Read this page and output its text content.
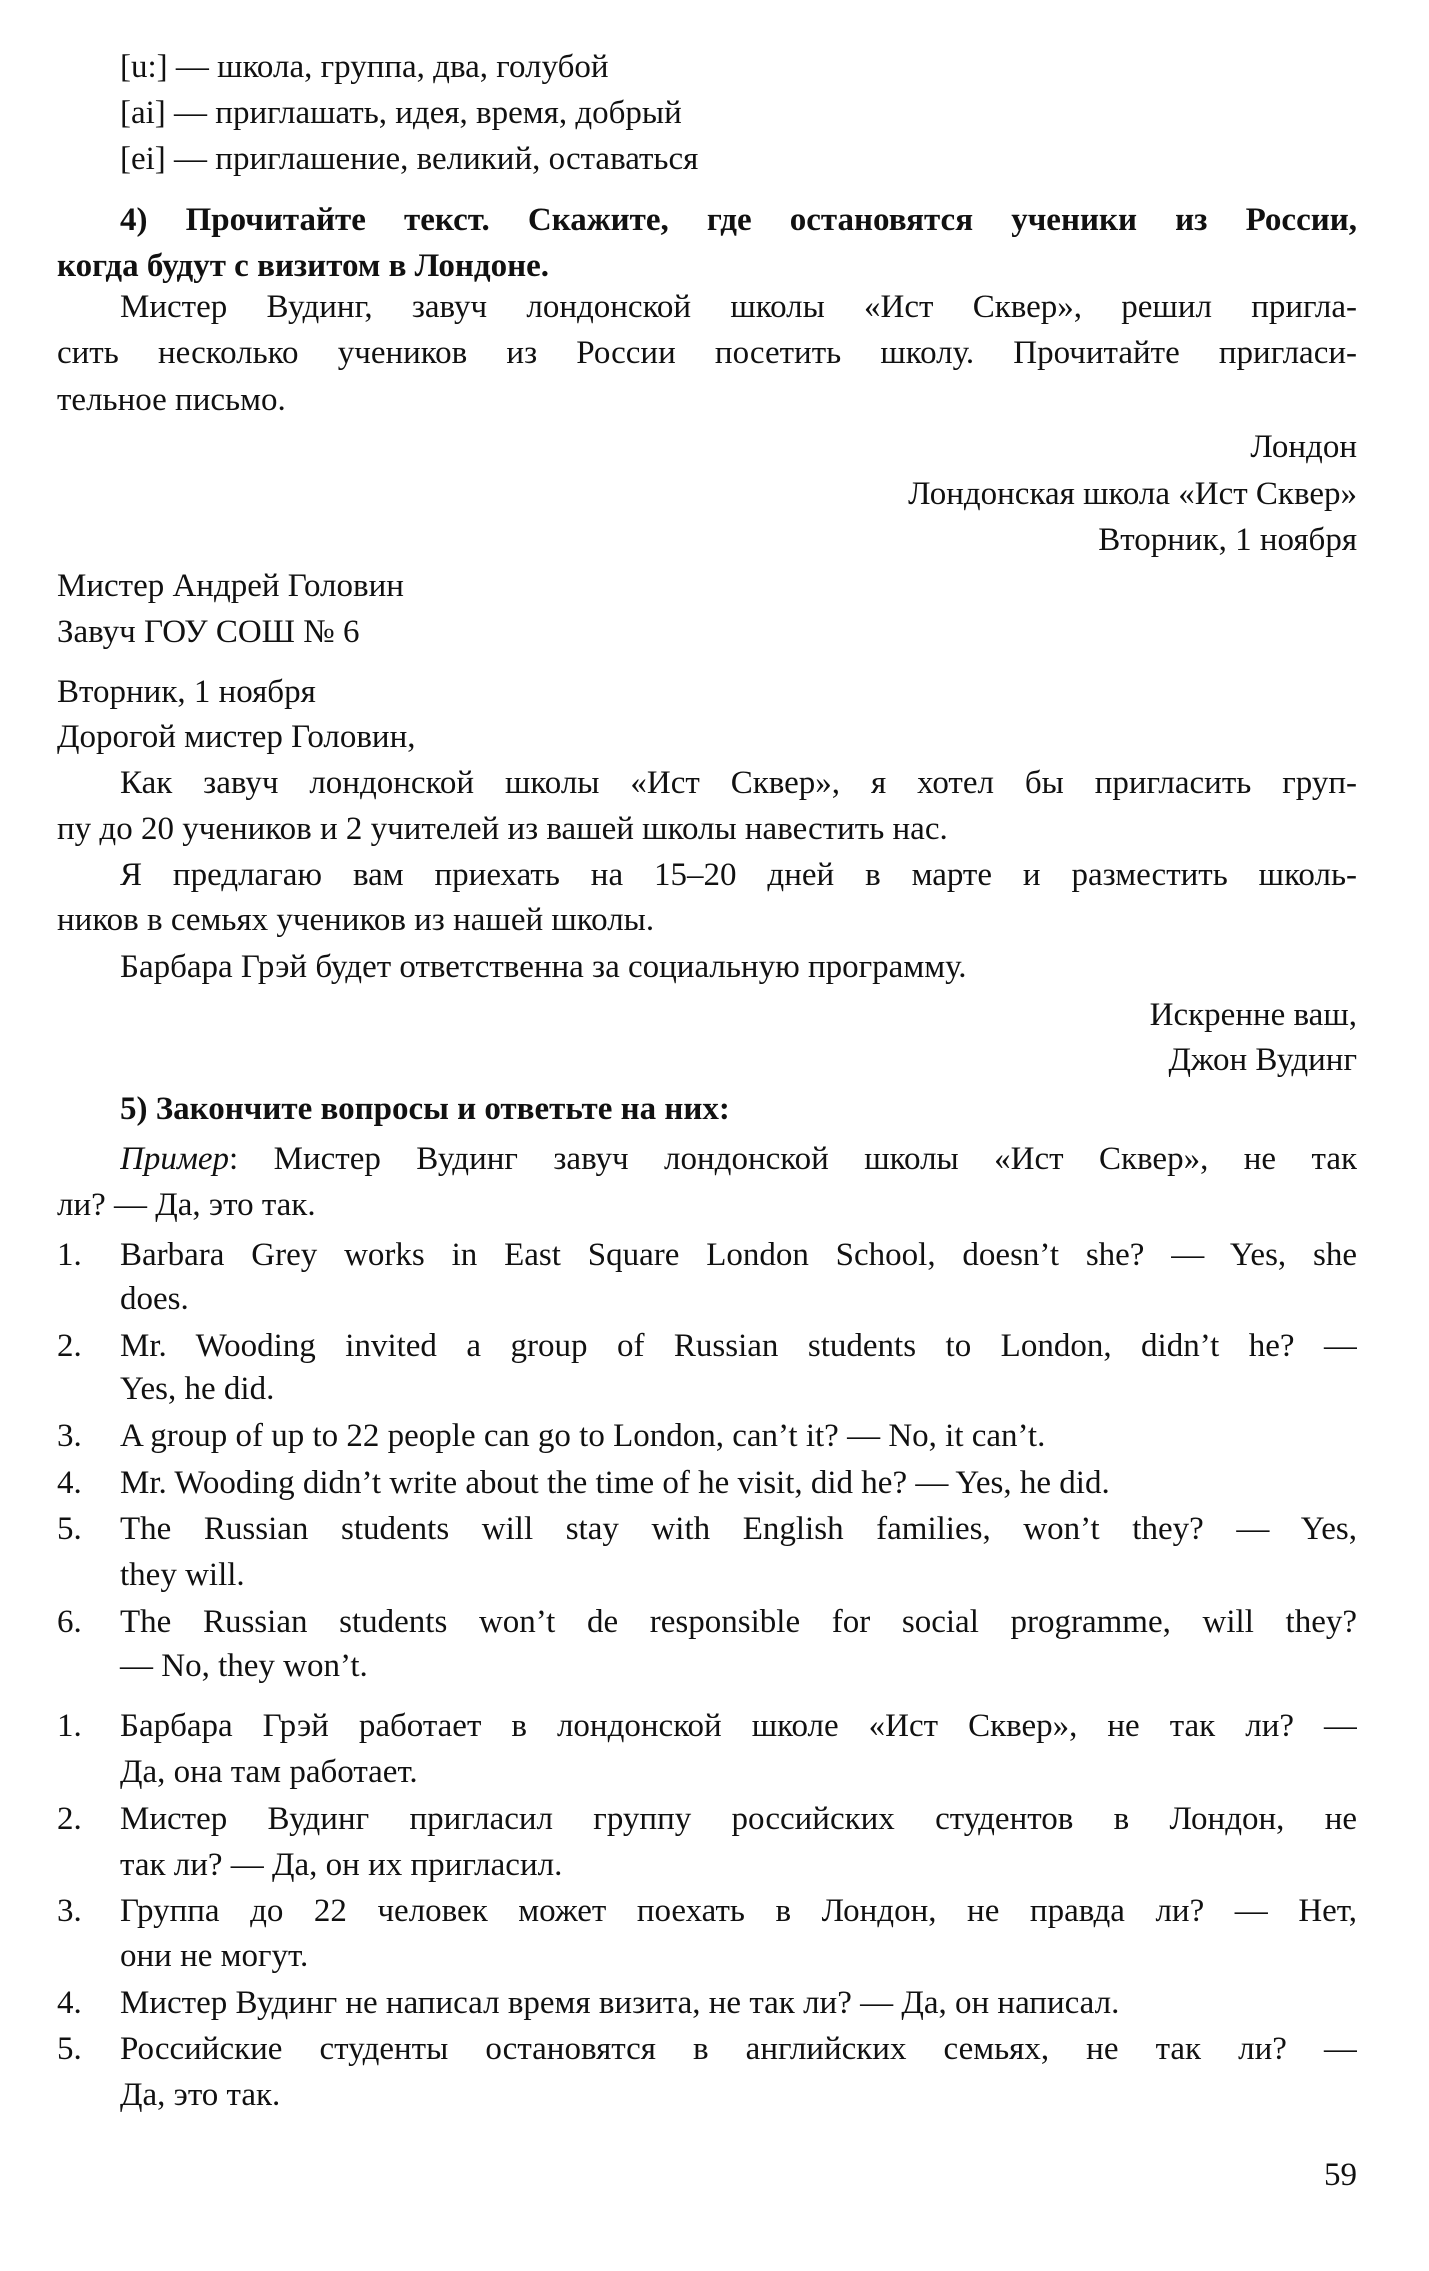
[u:] — школа, группа, два, голубой
[ai] — приглашать, идея, время, добрый
[ei] — приглашение, великий, оставаться
4) Прочитайте текст. Скажите, где остановятся ученики из России,
когда будут с визитом в Лондоне.
Мистер Вудинг, завуч лондонской школы «Ист Сквер», решил пригла-
сить несколько учеников из России посетить школу. Прочитайте приглаcи-
тельное письмо.
Лондон
Лондонская школа «Ист Сквер»
Вторник, 1 ноября
Мистер Андрей Головин
Завуч ГОУ СОШ № 6
Вторник, 1 ноября
Дорогой мистер Головин,
Как завуч лондонской школы «Ист Сквер», я хотел бы пригласить груп-
пу до 20 учеников и 2 учителей из вашей школы навестить нас.
Я предлагаю вам приехать на 15–20 дней в марте и разместить школь-
ников в семьях учеников из нашей школы.
Барбара Грэй будет ответственна за социальную программу.
Искренне ваш,
Джон Вудинг
5) Закончите вопросы и ответьте на них:
Пример: Мистер Вудинг завуч лондонской школы «Ист Сквер», не так
ли? — Да, это так.
1.	Barbara Grey works in East Square London School, doesn’t she? — Yes, she
does.
2.	Mr. Wooding invited a group of Russian students to London, didn’t he? —
Yes, he did.
3.	A group of up to 22 people can go to London, can’t it? — No, it can’t.
4.	Mr. Wooding didn’t write about the time of he visit, did he? — Yes, he did.
5.	The Russian students will stay with English families, won’t they? — Yes,
they will.
6.	The Russian students won’t de responsible for social programme, will they?
— No, they won’t.
1.	Барбара Грэй работает в лондонской школе «Ист Сквер», не так ли? —
Да, она там работает.
2.	Мистер Вудинг пригласил группу российских студентов в Лондон, не
так ли? — Да, он их пригласил.
3.	Группа до 22 человек может поехать в Лондон, не правда ли? — Нет,
они не могут.
4.	Мистер Вудинг не написал время визита, не так ли? — Да, он написал.
5.	Российские студенты остановятся в английских семьях, не так ли? —
Да, это так.
59
